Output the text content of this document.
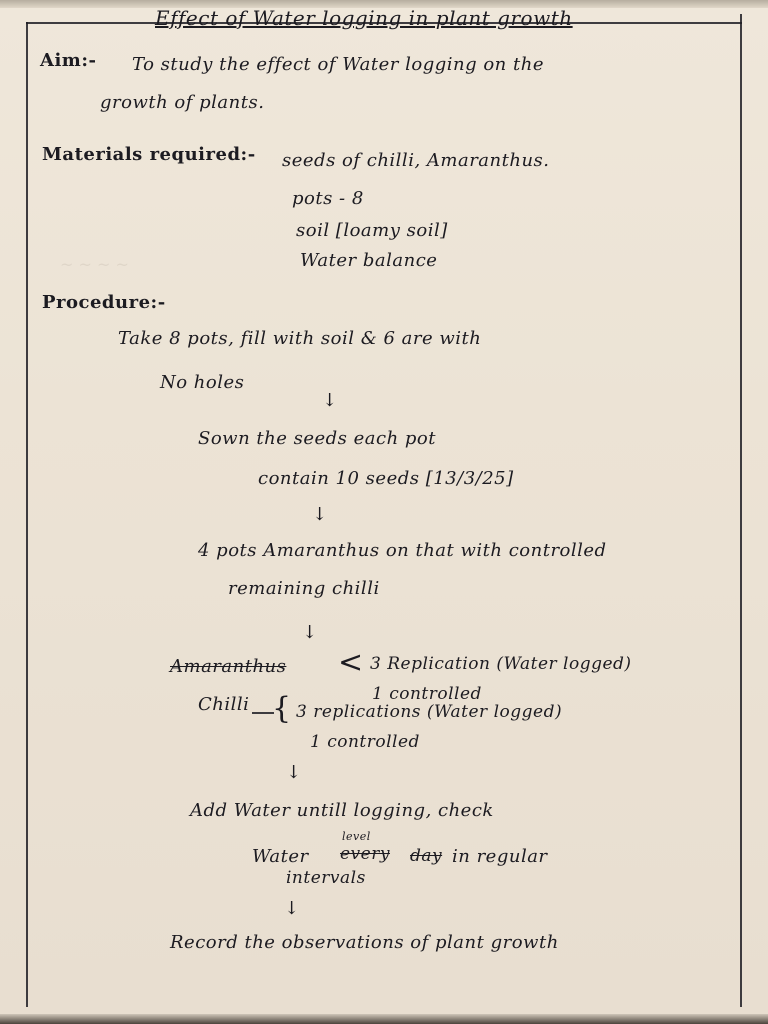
~ ~ ~ ~
Effect of Water logging in plant growth
Aim:- To study the effect of Water logging on the
growth of plants.
Materials required:- seeds of chilli, Amaranthus.
pots - 8
soil [loamy soil]
Water balance
Procedure:-
Take 8 pots, fill with soil & 6 are with
No holes
↓
Sown the seeds each pot
contain 10 seeds [13/3/25]
↓
4 pots Amaranthus on that with controlled
remaining chilli
↓
Amaranthus < 3 Replication (Water logged)
1 controlled
Chilli { 3 replications (Water logged)
1 controlled
↓
Add Water untill logging, check
Water
level
every day in regular
intervals
↓
Record the observations of plant growth
